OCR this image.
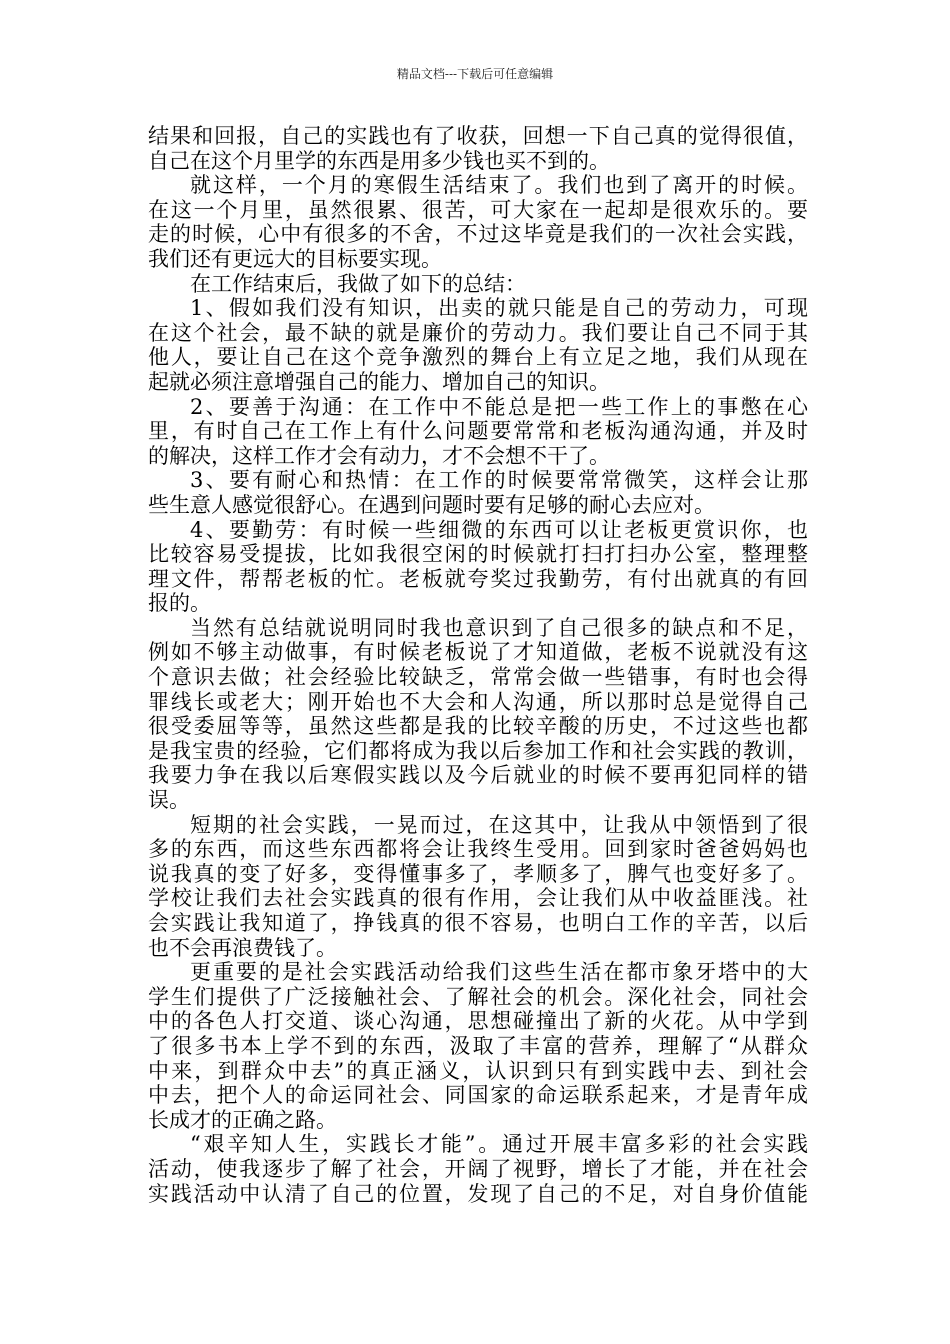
精品文档---下载后可任意编辑
结果和回报，自己的实践也有了收获，回想一下自己真的觉得很值，
自己在这个月里学的东西是用多少钱也买不到的。
就这样，一个月的寒假生活结束了。我们也到了离开的时候。
在这一个月里，虽然很累、很苦，可大家在一起却是很欢乐的。要
走的时候，心中有很多的不舍，不过这毕竟是我们的一次社会实践，
我们还有更远大的目标要实现。
在工作结束后，我做了如下的总结：
1、假如我们没有知识，出卖的就只能是自己的劳动力，可现
在这个社会，最不缺的就是廉价的劳动力。我们要让自己不同于其
他人，要让自己在这个竞争激烈的舞台上有立足之地，我们从现在
起就必须注意增强自己的能力、增加自己的知识。
2、要善于沟通：在工作中不能总是把一些工作上的事憋在心
里，有时自己在工作上有什么问题要常常和老板沟通沟通，并及时
的解决，这样工作才会有动力，才不会想不干了。
3、要有耐心和热情：在工作的时候要常常微笑，这样会让那
些生意人感觉很舒心。在遇到问题时要有足够的耐心去应对。
4、要勤劳：有时候一些细微的东西可以让老板更赏识你，也
比较容易受提拔，比如我很空闲的时候就打扫打扫办公室，整理整
理文件，帮帮老板的忙。老板就夸奖过我勤劳，有付出就真的有回
报的。
当然有总结就说明同时我也意识到了自己很多的缺点和不足，
例如不够主动做事，有时候老板说了才知道做，老板不说就没有这
个意识去做；社会经验比较缺乏，常常会做一些错事，有时也会得
罪线长或老大；刚开始也不大会和人沟通，所以那时总是觉得自己
很受委屈等等，虽然这些都是我的比较辛酸的历史，不过这些也都
是我宝贵的经验，它们都将成为我以后参加工作和社会实践的教训，
我要力争在我以后寒假实践以及今后就业的时候不要再犯同样的错
误。
短期的社会实践，一晃而过，在这其中，让我从中领悟到了很
多的东西，而这些东西都将会让我终生受用。回到家时爸爸妈妈也
说我真的变了好多，变得懂事多了，孝顺多了，脾气也变好多了。
学校让我们去社会实践真的很有作用，会让我们从中收益匪浅。社
会实践让我知道了，挣钱真的很不容易，也明白工作的辛苦，以后
也不会再浪费钱了。
更重要的是社会实践活动给我们这些生活在都市象牙塔中的大
学生们提供了广泛接触社会、了解社会的机会。深化社会，同社会
中的各色人打交道、谈心沟通，思想碰撞出了新的火花。从中学到
了很多书本上学不到的东西，汲取了丰富的营养，理解了“从群众
中来，到群众中去”的真正涵义，认识到只有到实践中去、到社会
中去，把个人的命运同社会、同国家的命运联系起来，才是青年成
长成才的正确之路。
“艰辛知人生，实践长才能”。通过开展丰富多彩的社会实践
活动，使我逐步了解了社会，开阔了视野，增长了才能，并在社会
实践活动中认清了自己的位置，发现了自己的不足，对自身价值能
